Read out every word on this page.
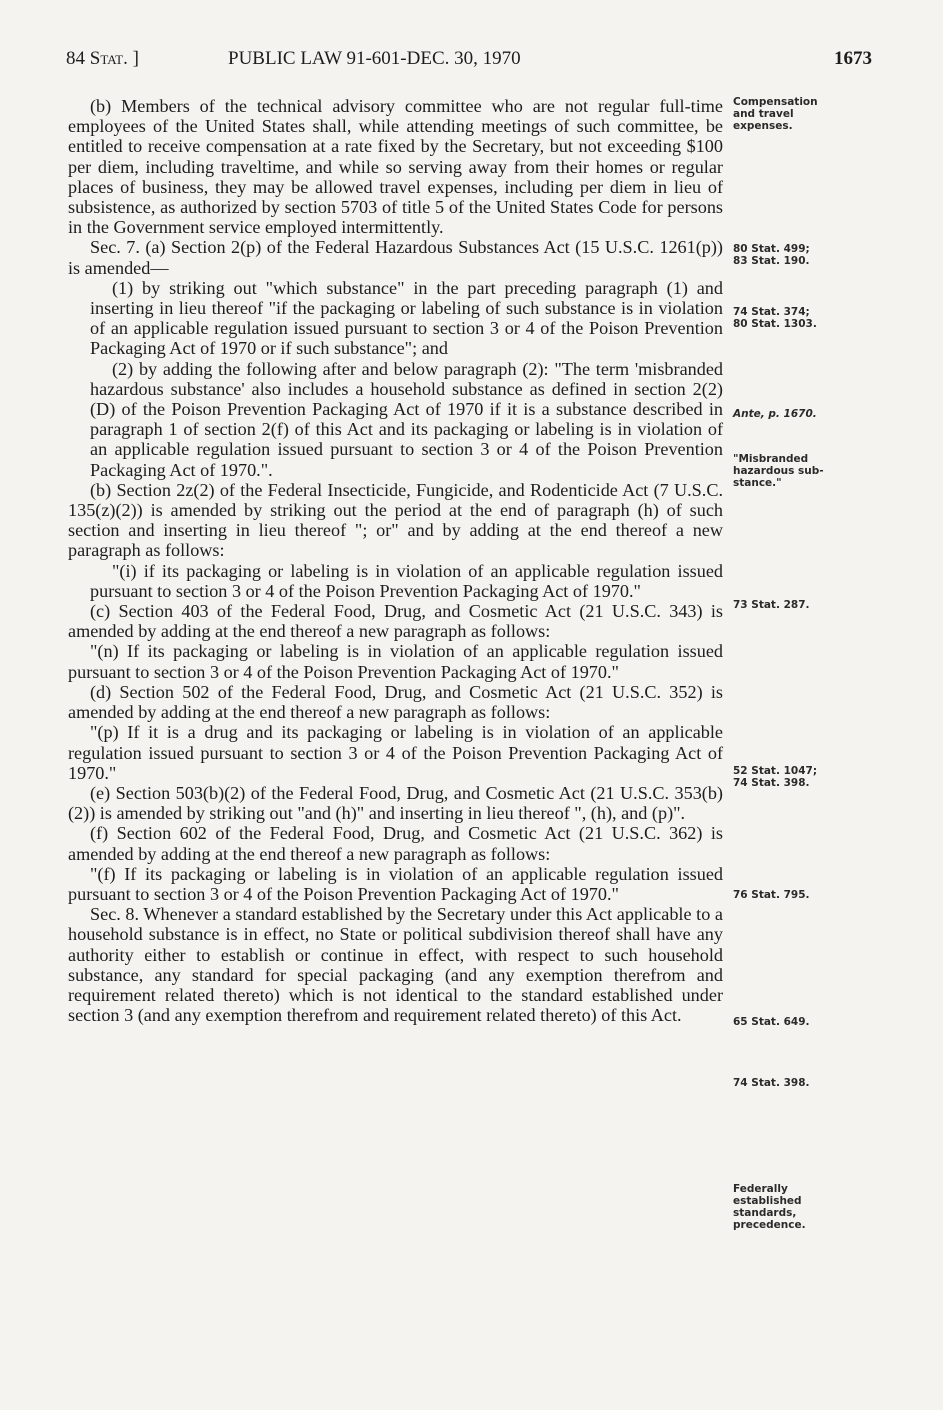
84 Stat. ]	PUBLIC LAW 91-601-DEC. 30, 1970	1673

(b) Members of the technical advisory committee who are not regular full-time employees of the United States shall, while attending meetings of such committee, be entitled to receive compensation at a rate fixed by the Secretary, but not exceeding $100 per diem, including traveltime, and while so serving away from their homes or regular places of business, they may be allowed travel expenses, including per diem in lieu of subsistence, as authorized by section 5703 of title 5 of the United States Code for persons in the Government service employed intermittently.

Sec. 7. (a) Section 2(p) of the Federal Hazardous Substances Act (15 U.S.C. 1261(p)) is amended—

(1) by striking out "which substance" in the part preceding paragraph (1) and inserting in lieu thereof "if the packaging or labeling of such substance is in violation of an applicable regulation issued pursuant to section 3 or 4 of the Poison Prevention Packaging Act of 1970 or if such substance"; and

(2) by adding the following after and below paragraph (2): "The term 'misbranded hazardous substance' also includes a household substance as defined in section 2(2) (D) of the Poison Prevention Packaging Act of 1970 if it is a substance described in paragraph 1 of section 2(f) of this Act and its packaging or labeling is in violation of an applicable regulation issued pursuant to section 3 or 4 of the Poison Prevention Packaging Act of 1970.".

(b) Section 2z(2) of the Federal Insecticide, Fungicide, and Rodenticide Act (7 U.S.C. 135(z)(2)) is amended by striking out the period at the end of paragraph (h) of such section and inserting in lieu thereof "; or" and by adding at the end thereof a new paragraph as follows:

"(i) if its packaging or labeling is in violation of an applicable regulation issued pursuant to section 3 or 4 of the Poison Prevention Packaging Act of 1970."

(c) Section 403 of the Federal Food, Drug, and Cosmetic Act (21 U.S.C. 343) is amended by adding at the end thereof a new paragraph as follows:

"(n) If its packaging or labeling is in violation of an applicable regulation issued pursuant to section 3 or 4 of the Poison Prevention Packaging Act of 1970."

(d) Section 502 of the Federal Food, Drug, and Cosmetic Act (21 U.S.C. 352) is amended by adding at the end thereof a new paragraph as follows:

"(p) If it is a drug and its packaging or labeling is in violation of an applicable regulation issued pursuant to section 3 or 4 of the Poison Prevention Packaging Act of 1970."

(e) Section 503(b)(2) of the Federal Food, Drug, and Cosmetic Act (21 U.S.C. 353(b)(2)) is amended by striking out "and (h)" and inserting in lieu thereof ", (h), and (p)".

(f) Section 602 of the Federal Food, Drug, and Cosmetic Act (21 U.S.C. 362) is amended by adding at the end thereof a new paragraph as follows:

"(f) If its packaging or labeling is in violation of an applicable regulation issued pursuant to section 3 or 4 of the Poison Prevention Packaging Act of 1970."

Sec. 8. Whenever a standard established by the Secretary under this Act applicable to a household substance is in effect, no State or political subdivision thereof shall have any authority either to establish or continue in effect, with respect to such household substance, any standard for special packaging (and any exemption therefrom and requirement related thereto) which is not identical to the standard established under section 3 (and any exemption therefrom and requirement related thereto) of this Act.

Compensation
and travel
expenses.
80 Stat. 499;
83 Stat. 190.
74 Stat. 374;
80 Stat. 1303.
Ante, p. 1670.
"Misbranded
hazardous sub-
stance."
73 Stat. 287.
52 Stat. 1047;
74 Stat. 398.
76 Stat. 795.
65 Stat. 649.
74 Stat. 398.
Federally
established
standards,
precedence.
